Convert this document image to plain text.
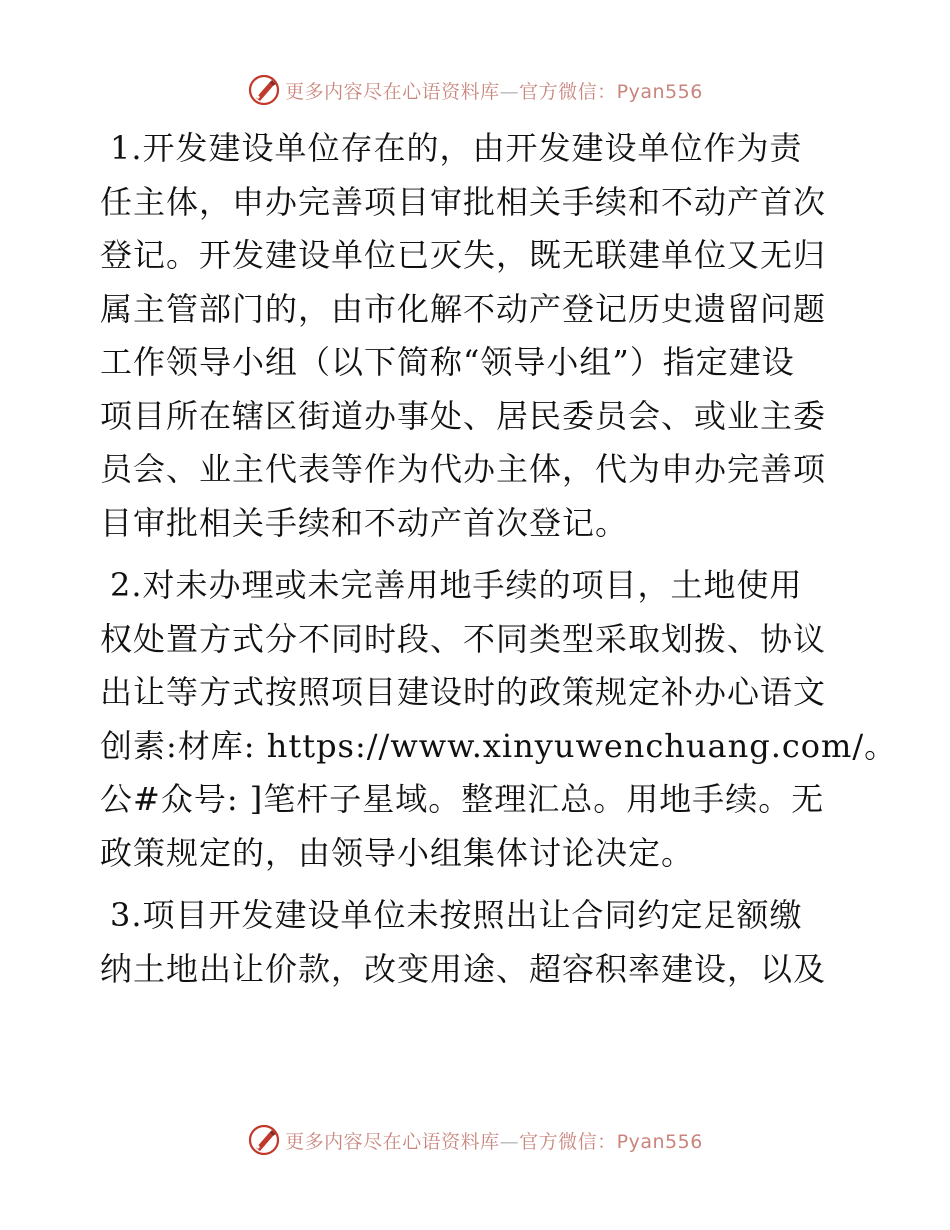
更多内容尽在心语资料库—官方微信：Pyan556

1.开发建设单位存在的，由开发建设单位作为责
任主体，申办完善项目审批相关手续和不动产首次
登记。开发建设单位已灭失，既无联建单位又无归
属主管部门的，由市化解不动产登记历史遗留问题
工作领导小组（以下简称“领导小组”）指定建设
项目所在辖区街道办事处、居民委员会、或业主委
员会、业主代表等作为代办主体，代为申办完善项
目审批相关手续和不动产首次登记。

2.对未办理或未完善用地手续的项目，土地使用
权处置方式分不同时段、不同类型采取划拨、协议
出让等方式按照项目建设时的政策规定补办心语文
创素:材库: https://www.xinyuwenchuang.com/。
公#众号: ]笔杆子星域。整理汇总。用地手续。无
政策规定的，由领导小组集体讨论决定。

3.项目开发建设单位未按照出让合同约定足额缴
纳土地出让价款，改变用途、超容积率建设，以及

更多内容尽在心语资料库—官方微信：Pyan556
